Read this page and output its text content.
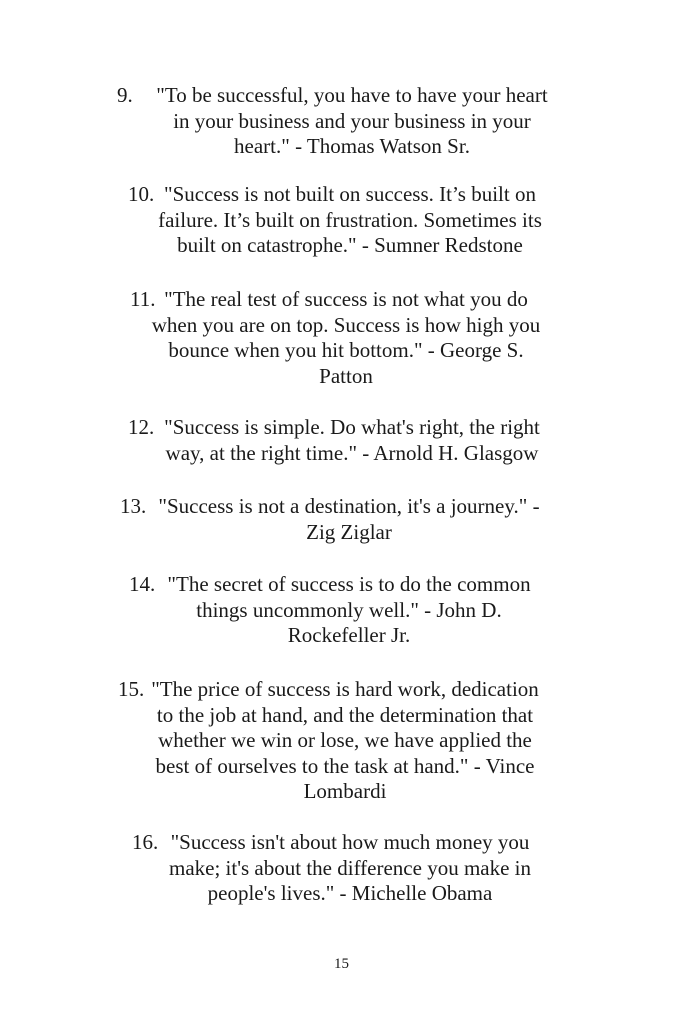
9.	"To be successful, you have to have your heart
in your business and your business in your
heart." - Thomas Watson Sr.
10. "Success is not built on success. It’s built on
failure. It’s built on frustration. Sometimes its
built on catastrophe." - Sumner Redstone
11. "The real test of success is not what you do
when you are on top. Success is how high you
bounce when you hit bottom." - George S.
Patton
12. "Success is simple. Do what's right, the right
way, at the right time." - Arnold H. Glasgow
13. "Success is not a destination, it's a journey." -
Zig Ziglar
14. "The secret of success is to do the common
things uncommonly well." - John D.
Rockefeller Jr.
15. "The price of success is hard work, dedication
to the job at hand, and the determination that
whether we win or lose, we have applied the
best of ourselves to the task at hand." - Vince
Lombardi
16. "Success isn't about how much money you
make; it's about the difference you make in
people's lives." - Michelle Obama
15
